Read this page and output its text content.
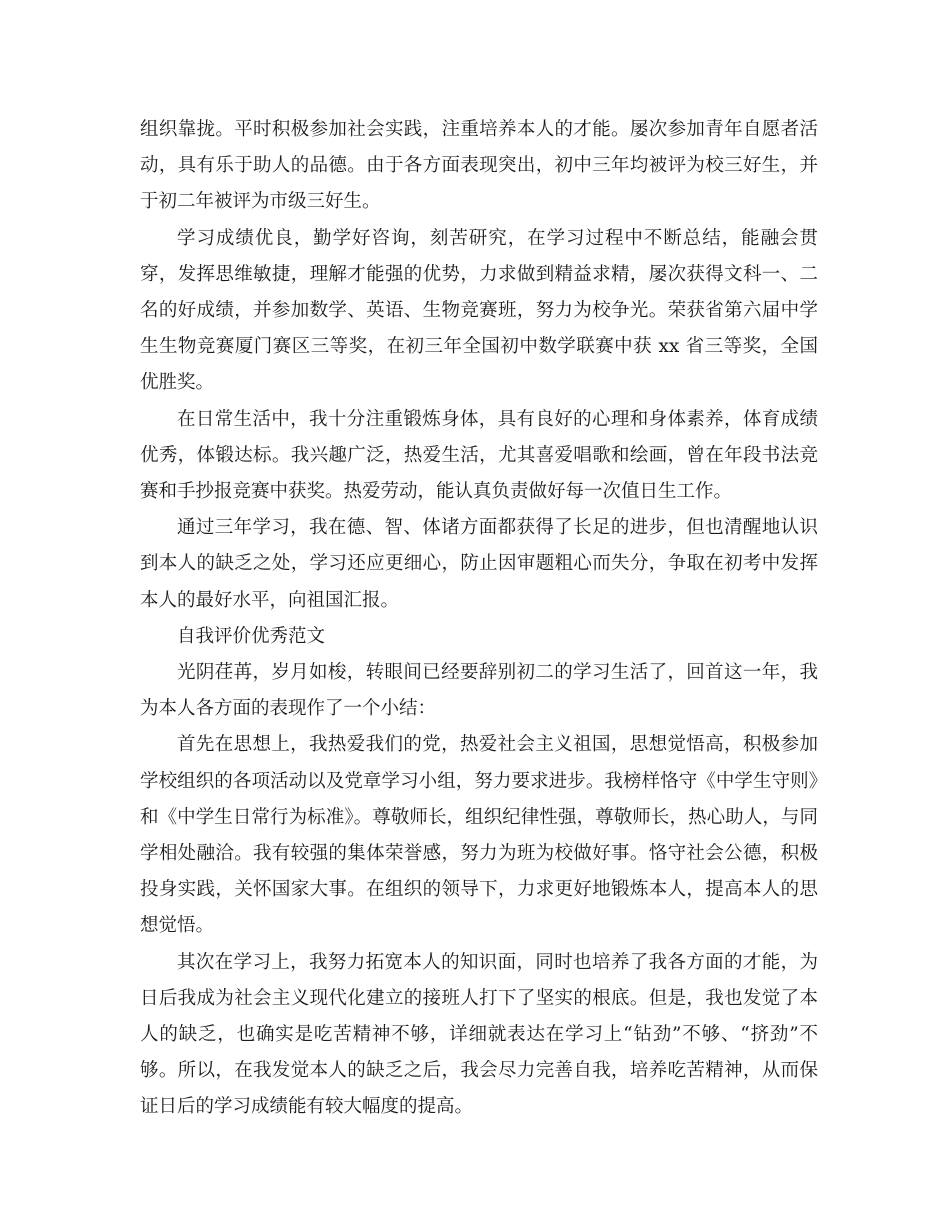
组织靠拢。平时积极参加社会实践，注重培养本人的才能。屡次参加青年自愿者活动，具有乐于助人的品德。由于各方面表现突出，初中三年均被评为校三好生，并于初二年被评为市级三好生。

学习成绩优良，勤学好咨询，刻苦研究，在学习过程中不断总结，能融会贯穿，发挥思维敏捷，理解才能强的优势，力求做到精益求精，屡次获得文科一、二名的好成绩，并参加数学、英语、生物竞赛班，努力为校争光。荣获省第六届中学生生物竞赛厦门赛区三等奖，在初三年全国初中数学联赛中获 xx 省三等奖，全国优胜奖。

在日常生活中，我十分注重锻炼身体，具有良好的心理和身体素养，体育成绩优秀，体锻达标。我兴趣广泛，热爱生活，尤其喜爱唱歌和绘画，曾在年段书法竞赛和手抄报竞赛中获奖。热爱劳动，能认真负责做好每一次值日生工作。

通过三年学习，我在德、智、体诸方面都获得了长足的进步，但也清醒地认识到本人的缺乏之处，学习还应更细心，防止因审题粗心而失分，争取在初考中发挥本人的最好水平，向祖国汇报。

自我评价优秀范文

光阴荏苒，岁月如梭，转眼间已经要辞别初二的学习生活了，回首这一年，我为本人各方面的表现作了一个小结：

首先在思想上，我热爱我们的党，热爱社会主义祖国，思想觉悟高，积极参加学校组织的各项活动以及党章学习小组，努力要求进步。我榜样恪守《中学生守则》和《中学生日常行为标准》。尊敬师长，组织纪律性强，尊敬师长，热心助人，与同学相处融洽。我有较强的集体荣誉感，努力为班为校做好事。恪守社会公德，积极投身实践，关怀国家大事。在组织的领导下，力求更好地锻炼本人，提高本人的思想觉悟。

其次在学习上，我努力拓宽本人的知识面，同时也培养了我各方面的才能，为日后我成为社会主义现代化建立的接班人打下了坚实的根底。但是，我也发觉了本人的缺乏，也确实是吃苦精神不够，详细就表达在学习上“钻劲”不够、“挤劲”不够。所以，在我发觉本人的缺乏之后，我会尽力完善自我，培养吃苦精神，从而保证日后的学习成绩能有较大幅度的提高。
